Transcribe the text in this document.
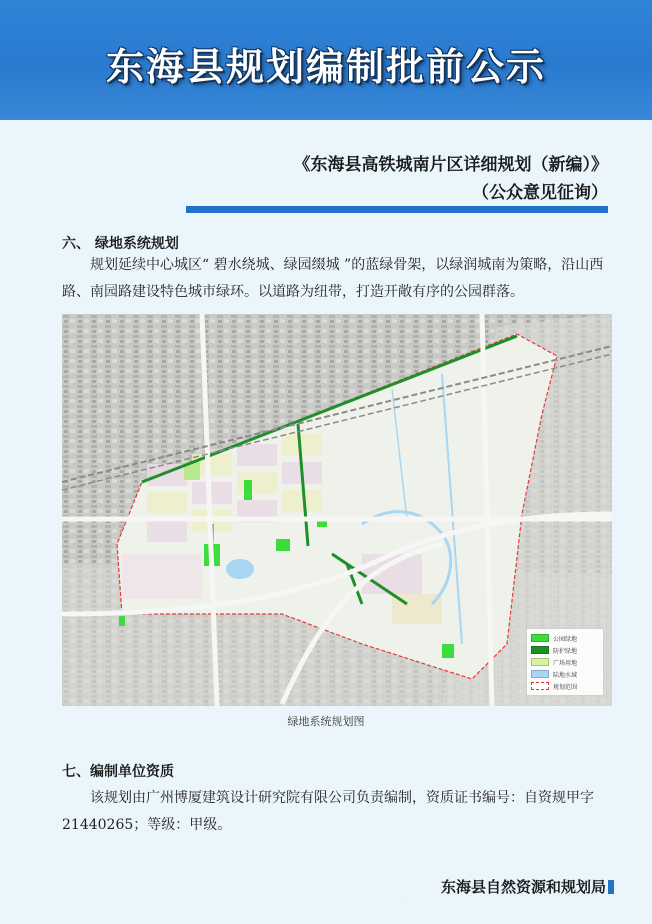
东海县规划编制批前公示
《东海县高铁城南片区详细规划（新编）》
（公众意见征询）
六、 绿地系统规划
规划延续中心城区“ 碧水绕城、绿园缀城 ”的蓝绿骨架，以绿润城南为策略，沿山西路、南园路建设特色城市绿环。以道路为纽带，打造开敞有序的公园群落。
公园绿地
防护绿地
广场用地
陆地水域
规划范围
绿地系统规划图
七、编制单位资质
该规划由广州博厦建筑设计研究院有限公司负责编制，资质证书编号：自资规甲字21440265；等级：甲级。
东海县自然资源和规划局
·
